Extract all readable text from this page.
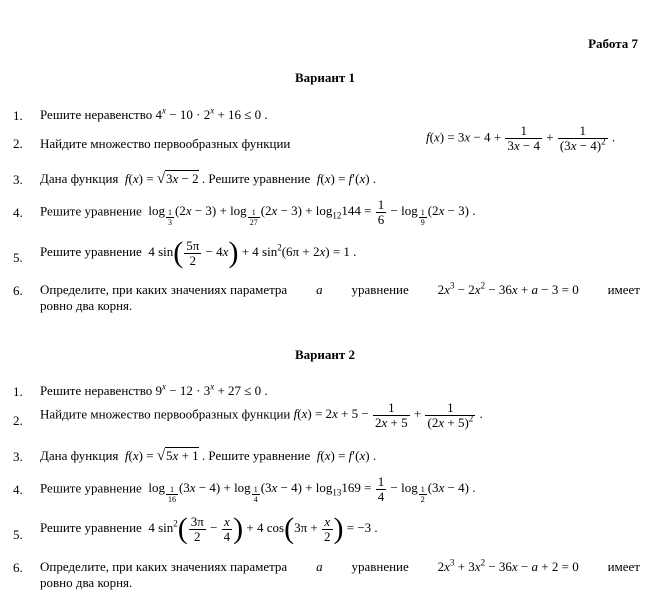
Работа 7
Вариант 1
1. Решите неравенство $4^x - 10 \cdot 2^x + 16 \le 0$ .
2. Найдите множество первообразных функции	$f(x) = 3x - 4 + \frac{1}{3x - 4} + \frac{1}{(3x - 4)^2}$ .
3. Дана функция f(x) = √3x − 2 . Решите уравнение f(x) = f′(x) .
4. Решите уравнение log $_{\frac{1}{3}}$ (2x − 3) + log $_{\frac{1}{27}}$ $(2x - 3) + \log_{12}144 = \frac{1}{6} - \log _{\frac{1}{9}}$ (2x − 3) .
5. Решите уравнение 4 $\sin( \frac{5\pi}{2} - 4x) + 4$ $\sin^2(6\pi + 2x) = 1$ .
6. Определите, при каких значениях параметра a уравнение $2x^3 - 2x^2 - 36x + a - 3 = 0$ имеет
ровно два корня.
Вариант 2
1. Решите неравенство $9^x - 12 \cdot 3^x + 27 \le 0$ .
2. Найдите множество первообразных функции $f(x) = 2x + 5 - \frac{1}{2x + 5} + \frac{1}{(2x + 5)^2}$ .
3. Дана функция f(x) = √5x + 1 . Решите уравнение f(x) = f′(x) .
4. Решите уравнение log $_{\frac{1}{16}}$ (3x − 4) + log $_{\frac{1}{4}}$ $(3x - 4) + \log_{13}169 = \frac{1}{4} - \log _{\frac{1}{2}}$ (3x − 4) .
5. Решите уравнение 4 $\sin^2( \frac{3\pi}{2} - \frac{x}{4}$ ) + 4 $\cos(3\pi + \frac{x}{2}$ ) = −3 .
6. Определите, при каких значениях параметра a уравнение $2x^3 + 3x^2 - 36x - a + 2 = 0$ имеет
ровно два корня.
